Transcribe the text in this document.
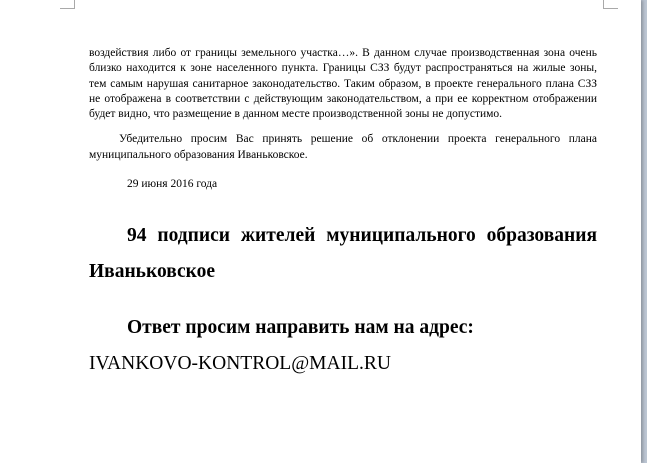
воздействия либо от границы земельного участка…». В данном случае производственная зона очень близко находится к зоне населенного пункта. Границы СЗЗ будут распространяться на жилые зоны, тем самым нарушая санитарное законодательство. Таким образом, в проекте генерального плана СЗЗ не отображена в соответствии с действующим законодательством, а при ее корректном отображении будет видно, что размещение в данном месте производственной зоны не допустимо.

Убедительно просим Вас принять решение об отклонении проекта генерального плана муниципального образования Иваньковское.

29 июня 2016 года

94 подписи жителей муниципального образования Иваньковское

Ответ просим направить нам на адрес:

IVANKOVO-KONTROL@MAIL.RU
